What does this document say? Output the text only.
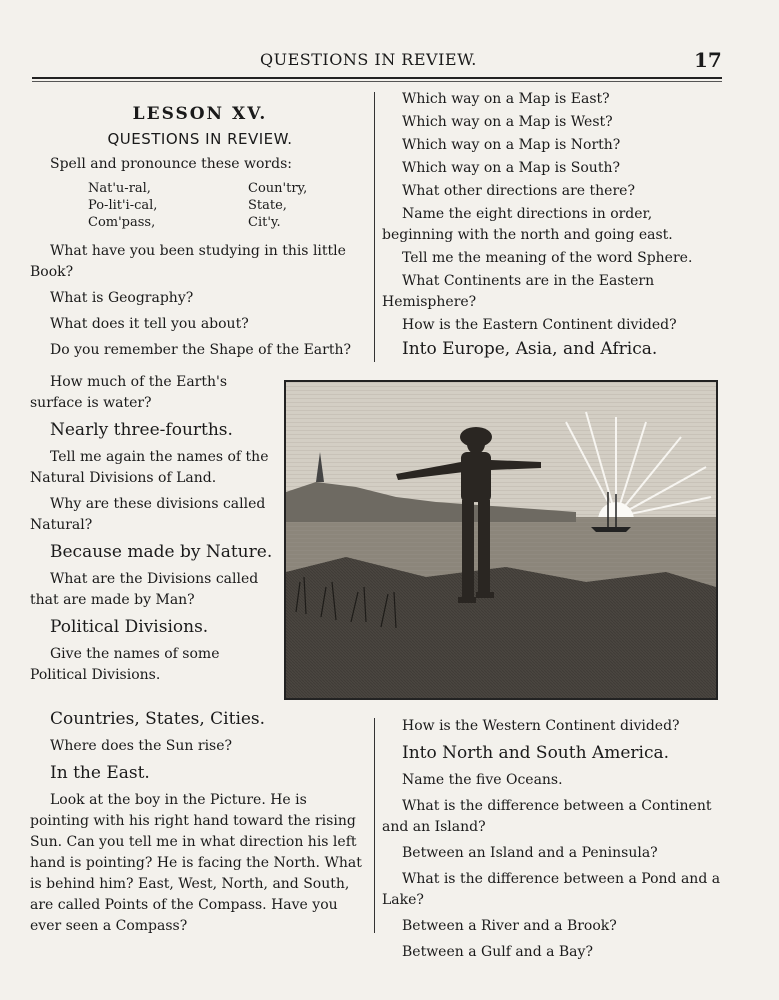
QUESTIONS IN REVIEW.	17
LESSON XV.
QUESTIONS IN REVIEW.
Spell and pronounce these words:
Nat'u-ral,	Coun'try,
Po-lit'i-cal,	State,
Com'pass,	Cit'y.

What have you been studying in this little Book?

What is Geography?

What does it tell you about?

Do you remember the Shape of the Earth?

How much of the Earth's surface is water?

Nearly three-fourths.

Tell me again the names of the Natural Divisions of Land.

Why are these divisions called Natural?

Because made by Nature.

What are the Divisions called that are made by Man?

Political Divisions.

Give the names of some Political Divisions.

Which way on a Map is East?

Which way on a Map is West?

Which way on a Map is North?

Which way on a Map is South?

What other directions are there?

Name the eight directions in order, beginning with the north and going east.

Tell me the meaning of the word Sphere.

What Continents are in the Eastern Hemisphere?

How is the Eastern Continent divided?

Into Europe, Asia, and Africa.

Countries, States, Cities.

Where does the Sun rise?

In the East.

Look at the boy in the Picture. He is pointing with his right hand toward the rising Sun. Can you tell me in what direction his left hand is pointing? He is facing the North. What is behind him? East, West, North, and South, are called Points of the Compass. Have you ever seen a Compass?

How is the Western Continent divided?

Into North and South America.

Name the five Oceans.

What is the difference between a Continent and an Island?

Between an Island and a Peninsula?

What is the difference between a Pond and a Lake?

Between a River and a Brook?

Between a Gulf and a Bay?
